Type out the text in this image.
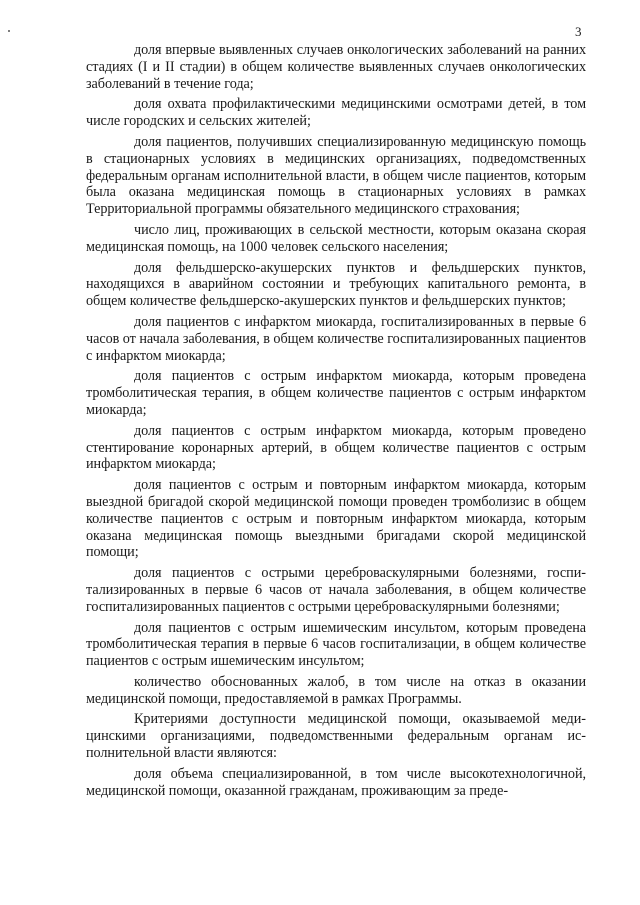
3

доля впервые выявленных случаев онкологических заболеваний на ранних стадиях (I и II стадии) в общем количестве выявленных случаев онкологических заболеваний в течение года;

доля охвата профилактическими медицинскими осмотрами детей, в том числе городских и сельских жителей;

доля пациентов, получивших специализированную медицинскую помощь в стационарных условиях в медицинских организациях, подведомственных федеральным органам исполнительной власти, в общем числе пациентов, которым была оказана медицинская помощь в стационарных условиях в рамках Территориальной программы обязательного медицинского страхования;

число лиц, проживающих в сельской местности, которым оказана скорая медицинская помощь, на 1000 человек сельского населения;

доля фельдшерско-акушерских пунктов и фельдшерских пунктов, находящихся в аварийном состоянии и требующих капитального ремонта, в общем количестве фельдшерско-акушерских пунктов и фельдшерских пунктов;

доля пациентов с инфарктом миокарда, госпитализированных в первые 6 часов от начала заболевания, в общем количестве госпитализированных пациентов с инфарктом миокарда;

доля пациентов с острым инфарктом миокарда, которым проведена тромболитическая терапия, в общем количестве пациентов с острым инфарктом миокарда;

доля пациентов с острым инфарктом миокарда, которым проведено стентирование коронарных артерий, в общем количестве пациентов с острым инфарктом миокарда;

доля пациентов с острым и повторным инфарктом миокарда, которым выездной бригадой скорой медицинской помощи проведен тромболизис в общем количестве пациентов с острым и повторным инфарктом миокарда, которым оказана медицинская помощь выездными бригадами скорой медицинской помощи;

доля пациентов с острыми цереброваскулярными болезнями, госпитализированных в первые 6 часов от начала заболевания, в общем количестве госпитализированных пациентов с острыми цереброваскулярными болезнями;

доля пациентов с острым ишемическим инсультом, которым проведена тромболитическая терапия в первые 6 часов госпитализации, в общем количестве пациентов с острым ишемическим инсультом;

количество обоснованных жалоб, в том числе на отказ в оказании медицинской помощи, предоставляемой в рамках Программы.

Критериями доступности медицинской помощи, оказываемой медицинскими организациями, подведомственными федеральным органам исполнительной власти являются:

доля объема специализированной, в том числе высокотехнологичной, медицинской помощи, оказанной гражданам, проживающим за преде-
